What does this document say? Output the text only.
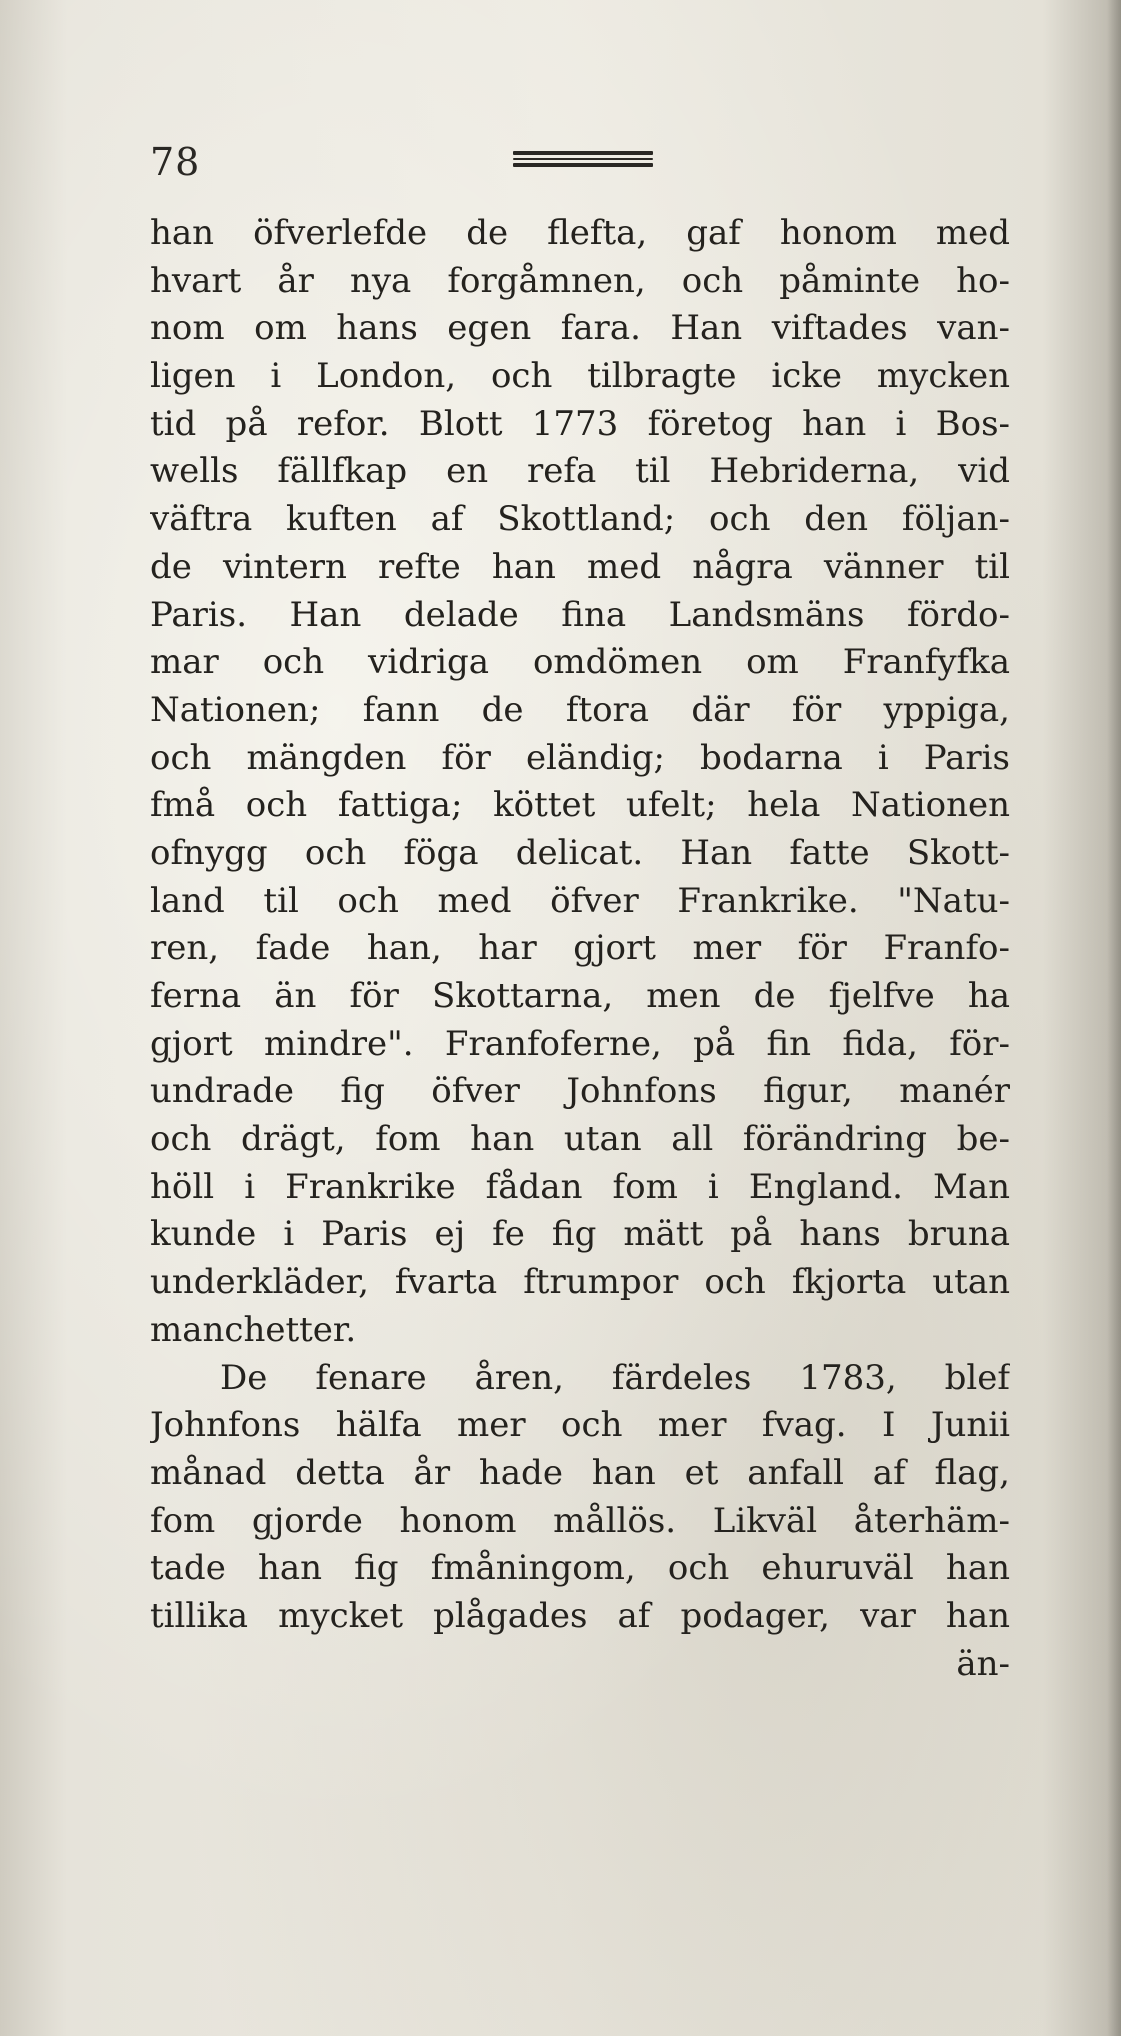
78
han öfverlefde de flefta, gaf honom med
hvart år nya forgåmnen, och påminte ho-
nom om hans egen fara. Han viftades van-
ligen i London, och tilbragte icke mycken
tid på refor. Blott 1773 företog han i Bos-
wells fällfkap en refa til Hebriderna, vid
väftra kuften af Skottland; och den följan-
de vintern refte han med några vänner til
Paris. Han delade fina Landsmäns fördo-
mar och vidriga omdömen om Franfyfka
Nationen; fann de ftora där för yppiga,
och mängden för eländig; bodarna i Paris
fmå och fattiga; köttet ufelt; hela Nationen
ofnygg och föga delicat. Han fatte Skott-
land til och med öfver Frankrike. "Natu-
ren, fade han, har gjort mer för Franfo-
ferna än för Skottarna, men de fjelfve ha
gjort mindre". Franfoferne, på fin fida, för-
undrade fig öfver Johnfons figur, manér
och drägt, fom han utan all förändring be-
höll i Frankrike fådan fom i England. Man
kunde i Paris ej fe fig mätt på hans bruna
underkläder, fvarta ftrumpor och fkjorta utan
manchetter.
De fenare åren, färdeles 1783, blef
Johnfons hälfa mer och mer fvag. I Junii
månad detta år hade han et anfall af flag,
fom gjorde honom mållös. Likväl återhäm-
tade han fig fmåningom, och ehuruväl han
tillika mycket plågades af podager, var han
än-
